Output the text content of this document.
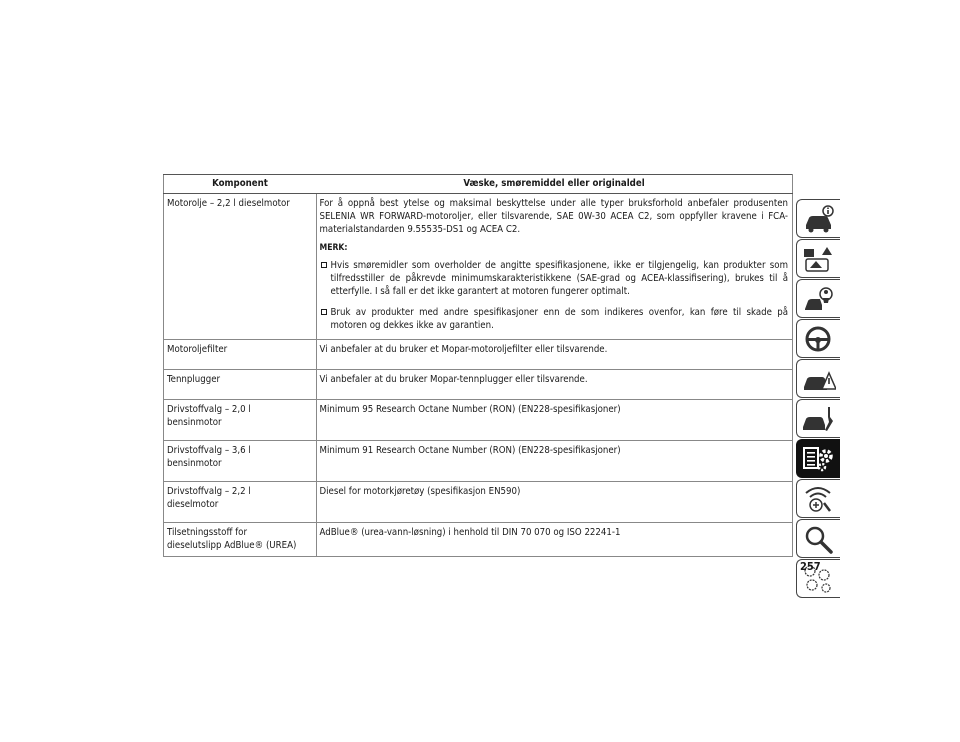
Komponent	Væske, smøremiddel eller originaldel
Motorolje – 2,2 l dieselmotor	For å oppnå best ytelse og maksimal beskyttelse under alle typer bruksforhold anbefaler produsenten SELENIA WR FORWARD-motoroljer, eller tilsvarende, SAE 0W-30 ACEA C2, som oppfyller kravene i FCA-materialstandarden 9.55535-DS1 og ACEA C2.

MERK:
Hvis smøremidler som overholder de angitte spesifikasjonene, ikke er tilgjengelig, kan produkter som tilfredsstiller de påkrevde minimumskarakteristikkene (SAE-grad og ACEA-klassifisering), brukes til å etterfylle. I så fall er det ikke garantert at motoren fungerer optimalt.
Bruk av produkter med andre spesifikasjoner enn de som indikeres ovenfor, kan føre til skade på motoren og dekkes ikke av garantien.

Motoroljefilter	Vi anbefaler at du bruker et Mopar-motoroljefilter eller tilsvarende.
Tennplugger	Vi anbefaler at du bruker Mopar-tennplugger eller tilsvarende.

Drivstoffvalg – 2,0 l
bensinmotor	Minimum 95 Research Octane Number (RON) (EN228-spesifikasjoner)

Drivstoffvalg – 3,6 l
bensinmotor	Minimum 91 Research Octane Number (RON) (EN228-spesifikasjoner)

Drivstoffvalg – 2,2 l
dieselmotor	Diesel for motorkjøretøy (spesifikasjon EN590)

Tilsetningsstoff for
dieselutslipp AdBlue® (UREA)	AdBlue® (urea-vann-løsning) i henhold til DIN 70 070 og ISO 22241-1
257
